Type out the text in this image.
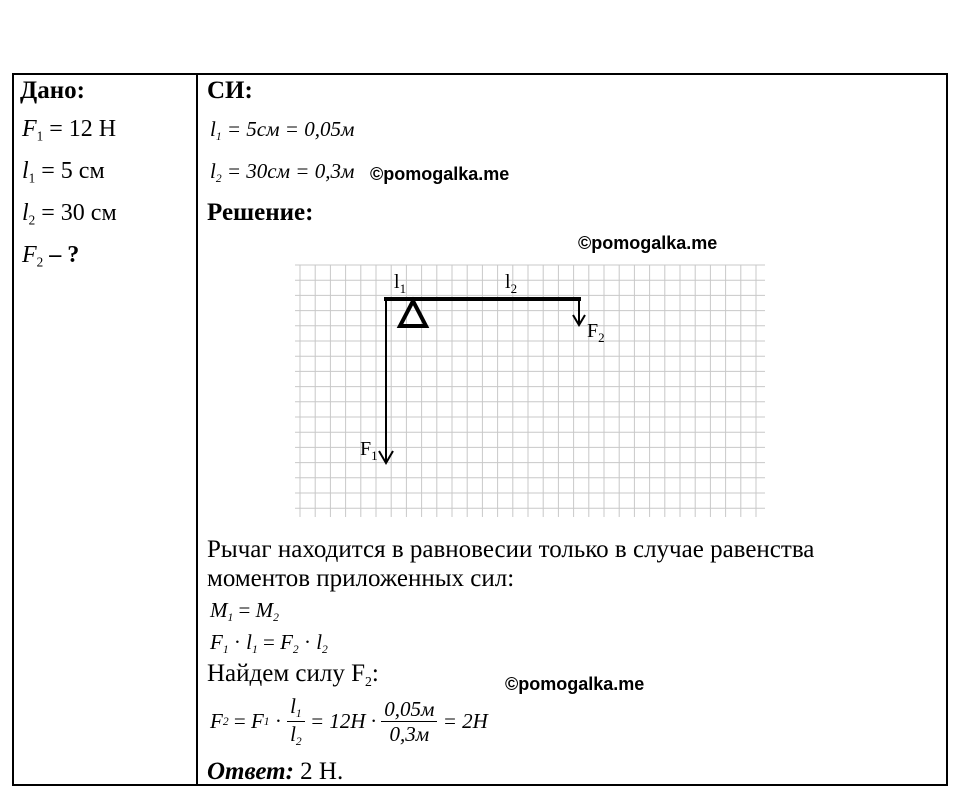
Дано:
$F_1 = 12$ Н
$l_1 = 5$ см
$l_2 = 30$ см
$F_2$ – ?
СИ:
$l_1 = 5см = 0,05м$
$l_2 = 30см = 0,3м$ ©pomogalka.me
Решение:
©pomogalka.me
$l_1$	$l_2$
$F_1$
$F_2$
Рычаг находится в равновесии только в случае равенства
моментов приложенных сил:
$M_1 = M_2$
$F_1 \cdot l_1 = F_2 \cdot l_2$
Найдем силу $F_2$:	©pomogalka.me
F 2 = F $1 \cdot \frac{l_1}{l_2} = 12Н \cdot \frac{0,05м}{0,3м} = 2Н$
Ответ: 2 Н.
